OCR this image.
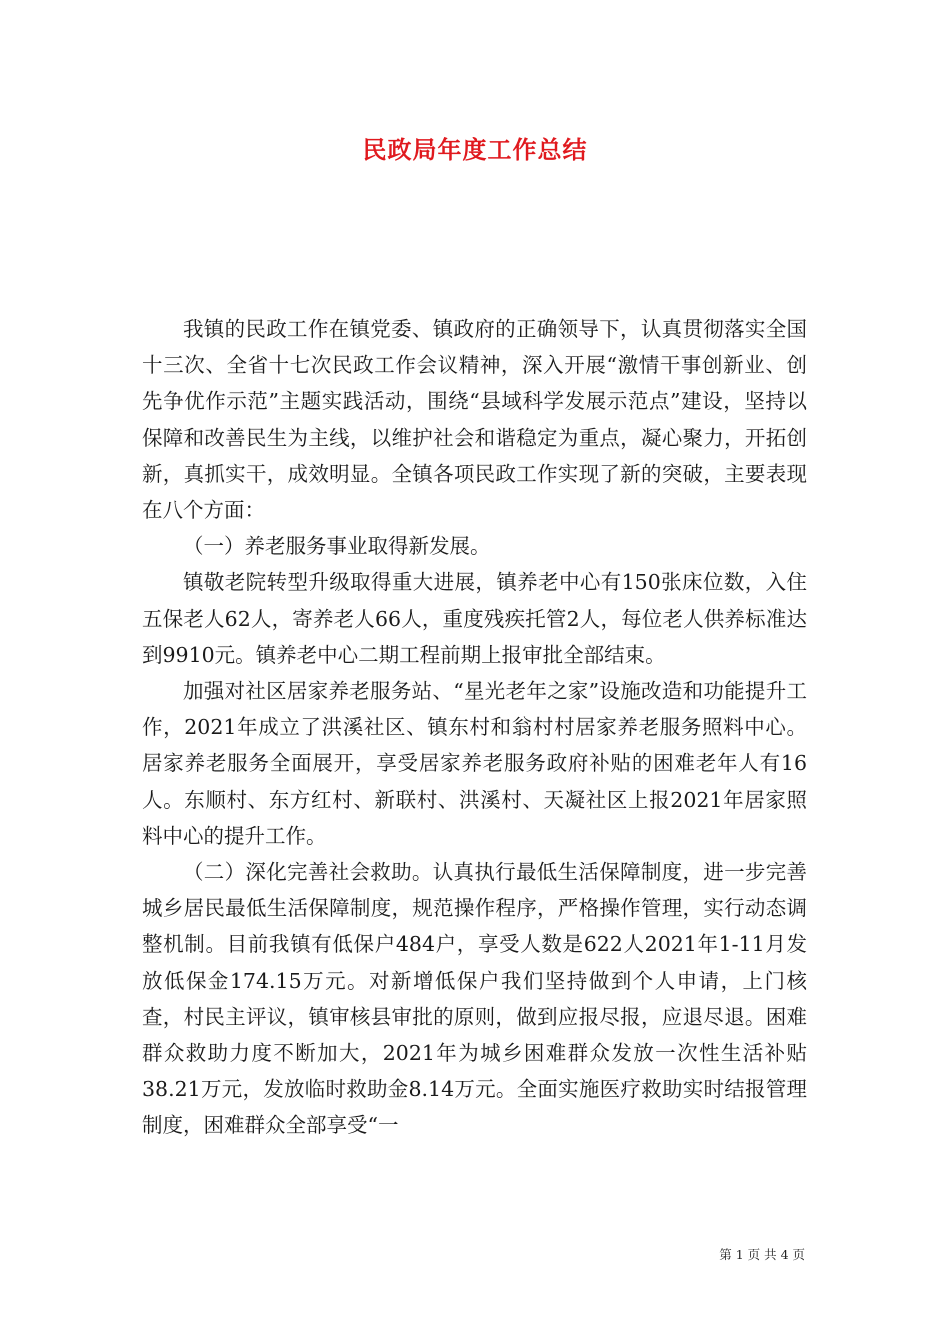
民政局年度工作总结

我镇的民政工作在镇党委、镇政府的正确领导下，认真贯彻落实全国十三次、全省十七次民政工作会议精神，深入开展“激情干事创新业、创先争优作示范”主题实践活动，围绕“县域科学发展示范点”建设，坚持以保障和改善民生为主线，以维护社会和谐稳定为重点，凝心聚力，开拓创新，真抓实干，成效明显。全镇各项民政工作实现了新的突破，主要表现在八个方面：

（一）养老服务事业取得新发展。

镇敬老院转型升级取得重大进展，镇养老中心有150张床位数，入住五保老人62人，寄养老人66人，重度残疾托管2人，每位老人供养标准达到9910元。镇养老中心二期工程前期上报审批全部结束。

加强对社区居家养老服务站、“星光老年之家”设施改造和功能提升工作，2021年成立了洪溪社区、镇东村和翁村村居家养老服务照料中心。居家养老服务全面展开，享受居家养老服务政府补贴的困难老年人有16人。东顺村、东方红村、新联村、洪溪村、天凝社区上报2021年居家照料中心的提升工作。

（二）深化完善社会救助。认真执行最低生活保障制度，进一步完善城乡居民最低生活保障制度，规范操作程序，严格操作管理，实行动态调整机制。目前我镇有低保户484户，享受人数是622人2021年1-11月发放低保金174.15万元。对新增低保户我们坚持做到个人申请，上门核查，村民主评议，镇审核县审批的原则，做到应报尽报，应退尽退。困难群众救助力度不断加大，2021年为城乡困难群众发放一次性生活补贴38.21万元，发放临时救助金8.14万元。全面实施医疗救助实时结报管理制度，困难群众全部享受“一

第 1 页 共 4 页
